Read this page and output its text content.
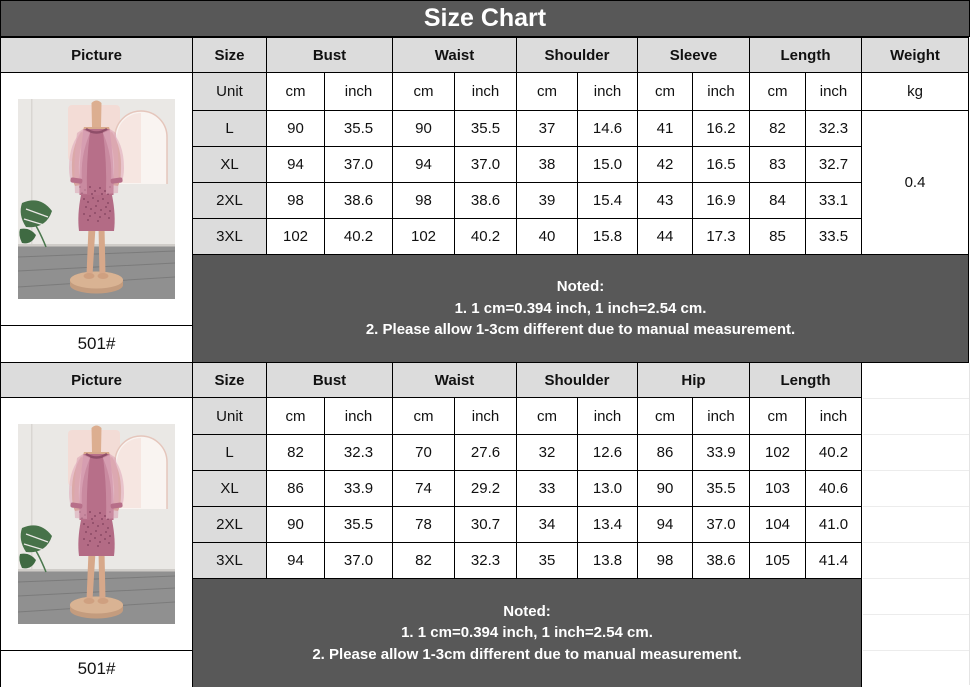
Size Chart
Picture	Size	Bust	Waist	Shoulder	Sleeve	Length	Weight
501#
Unit	cm	inch	cm	inch	cm	inch	cm	inch	cm	inch	kg
L	90	35.5	90	35.5	37	14.6	41	16.2	82	32.3
XL	94	37.0	94	37.0	38	15.0	42	16.5	83	32.7
2XL	98	38.6	98	38.6	39	15.4	43	16.9	84	33.1
3XL	102	40.2	102	40.2	40	15.8	44	17.3	85	33.5
0.4
Noted:
1. 1 cm=0.394 inch, 1 inch=2.54 cm.
2. Please allow 1-3cm different due to manual measurement.
Picture	Size	Bust	Waist	Shoulder	Hip	Length
501#
Unit	cm	inch	cm	inch	cm	inch	cm	inch	cm	inch
L	82	32.3	70	27.6	32	12.6	86	33.9	102	40.2
XL	86	33.9	74	29.2	33	13.0	90	35.5	103	40.6
2XL	90	35.5	78	30.7	34	13.4	94	37.0	104	41.0
3XL	94	37.0	82	32.3	35	13.8	98	38.6	105	41.4
Noted:
1. 1 cm=0.394 inch, 1 inch=2.54 cm.
2. Please allow 1-3cm different due to manual measurement.
